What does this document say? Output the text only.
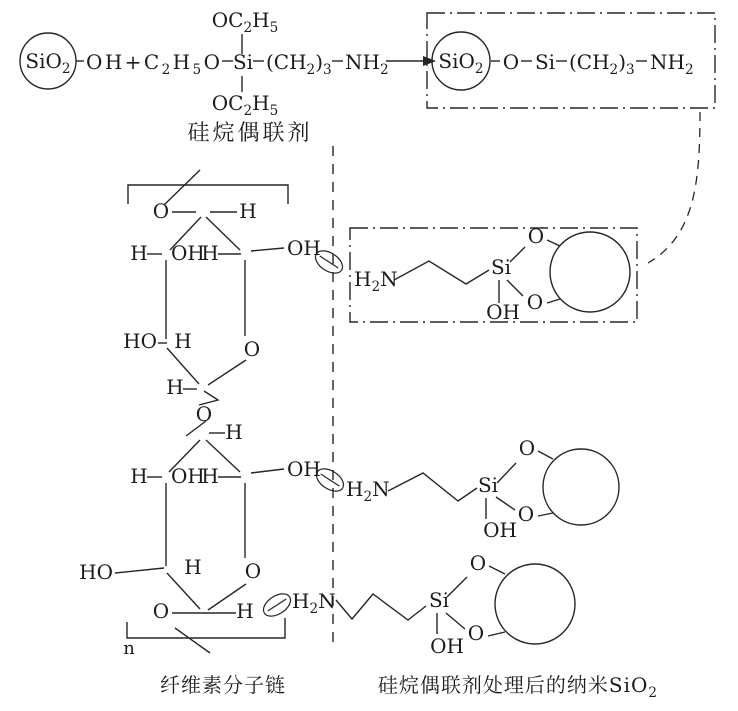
SiO$_2$ OH+C $_2$ H $_5$ O Si $(CH_2)_3$ $NH_2$
$OC_2H_5$
$OC_2H_5$
硅烷偶联剂
SiO$_2$ O Si $(CH_2)_3$ $NH_2$
O	H
H OH
H	OH
HO H	O
H
O
H
H OH
H	OH
HO	H O
O	H
n
$H_2N$	Si
OH
O
O
$H_2N$	Si
OH
O
O
$H_2N$	Si
OH
O
O
纤维素分子链	硅烷偶联剂处理后的纳米SiO$_2$
